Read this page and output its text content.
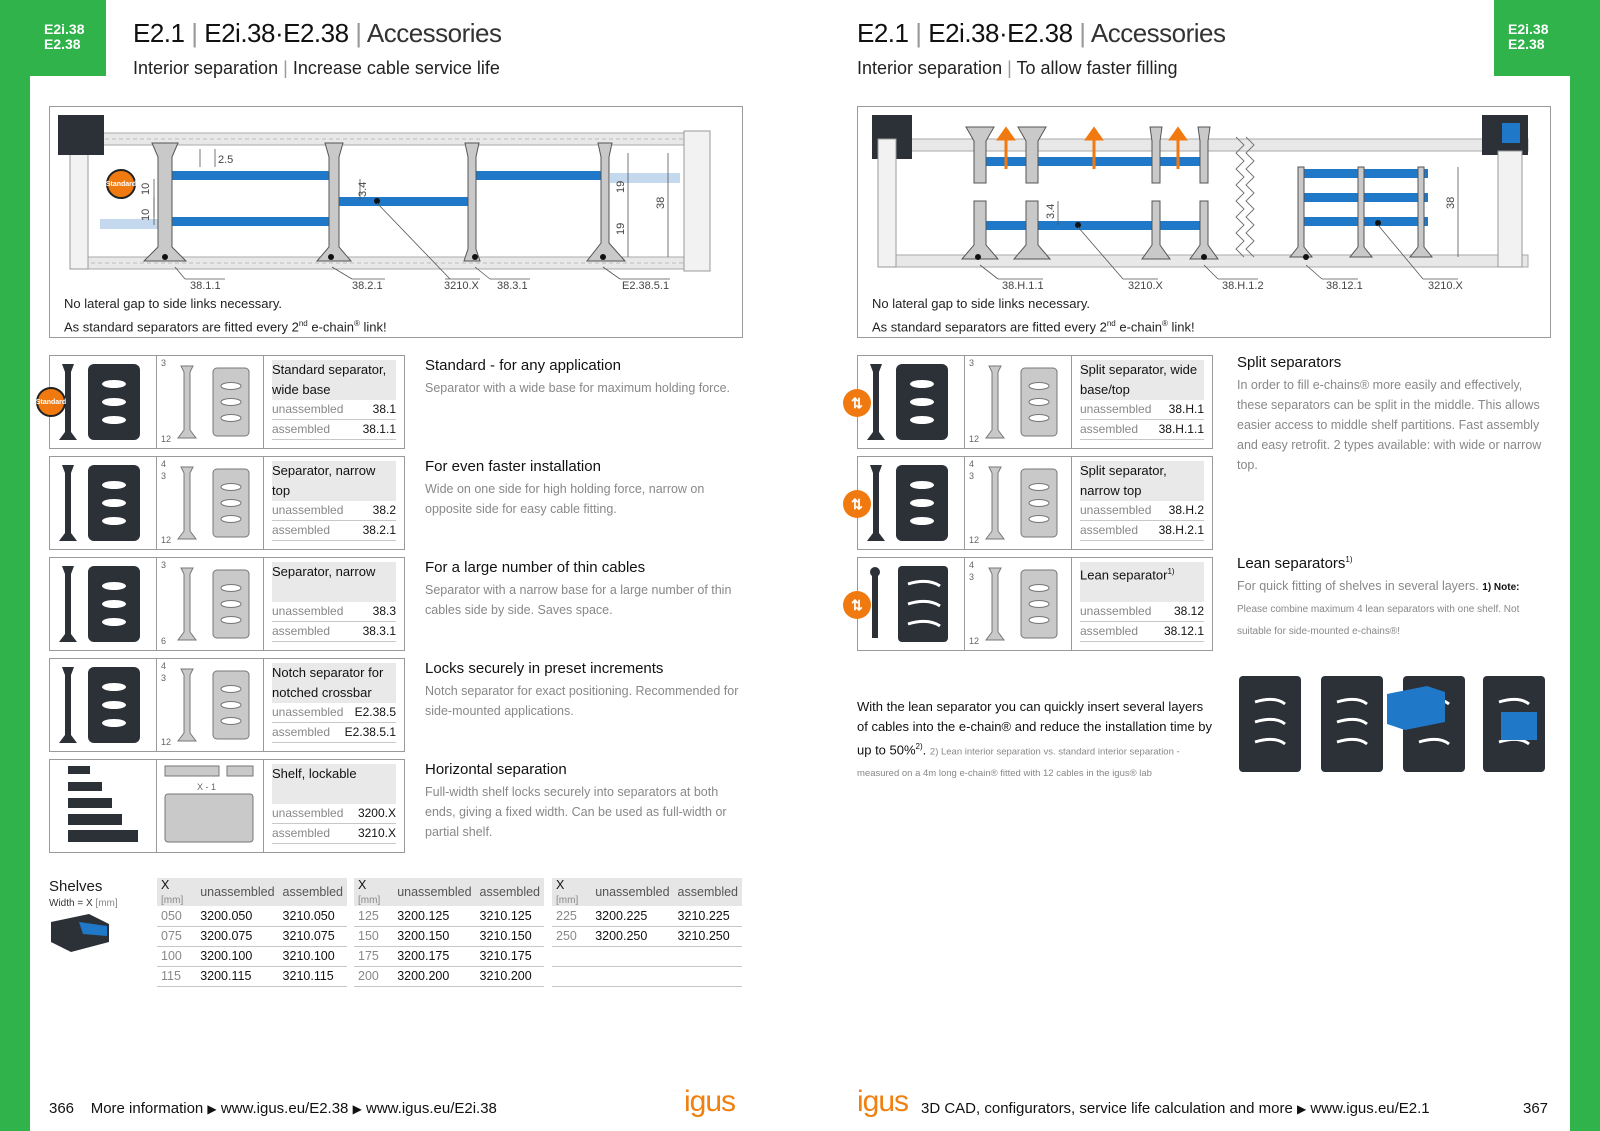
E2i.38
E2.38
E2i.38
E2.38
E2.1 | E2i.38·E2.38 | Accessories
Interior separation | Increase cable service life
2.5
10
10
3.4	19
19
38
38.1.1	38.2.1	3210.X 38.3.1	E2.38.5.1
Standard
No lateral gap to side links necessary.
As standard separators are fitted every 2nd e-chain® link!
3
12
Standard separator, wide base
unassembled 38.1
assembled	38.1.1
Standard - for any application
Separator with a wide base for maximum holding force.
4
3
12
Separator, narrow top
unassembled 38.2
assembled	38.2.1
For even faster installation
Wide on one side for high holding force, narrow on opposite side for easy cable fitting.
3
6
Separator, narrow
unassembled 38.3
assembled	38.3.1
For a large number of thin cables
Separator with a narrow base for a large number of thin cables side by side. Saves space.
4
3
12
Notch separator for notched crossbar
unassembled E2.38.5
assembled E2.38.5.1
Locks securely in preset increments
Notch separator for exact positioning. Recommended for side-mounted applications.
X - 1
Shelf, lockable
unassembled 3200.X
assembled 3210.X
Horizontal separation
Full-width shelf locks securely into separators at both ends, giving a fixed width. Can be used as full-width or partial shelf.
Shelves
Width = X [mm]
X [mm]	unassembled	assembled
050	3200.050	3210.050
075	3200.075	3210.075
100	3200.100	3210.100
115	3200.115	3210.115
X [mm]	unassembled	assembled
125	3200.125	3210.125
150	3200.150	3210.150
175	3200.175	3210.175
200	3200.200	3210.200
X [mm]	unassembled	assembled
225	3200.225	3210.225
250	3200.250	3210.250

366 More information ▶ www.igus.eu/E2.38 ▶ www.igus.eu/E2i.38	igus
E2.1 | E2i.38·E2.38 | Accessories
Interior separation | To allow faster filling
3.4
38
38.H.1.1	3210.X	38.H.1.2	38.12.1	3210.X
No lateral gap to side links necessary.
As standard separators are fitted every 2nd e-chain® link!
3
12
Split separator, wide base/top
unassembled 38.H.1
assembled 38.H.1.1
4
3
12
Split separator, narrow top
unassembled 38.H.2
assembled 38.H.2.1
4
3
12
Lean separator$^{1)}$
unassembled 38.12
assembled 38.12.1
Split separators
In order to fill e-chains® more easily and effectively, these separators can be split in the middle. This allows easier access to middle shelf partitions. Fast assembly and easy retrofit. 2 types available: with wide or narrow top.
Lean separators$^{1)}$
For quick fitting of shelves in several layers. 1) Note: Please combine maximum 4 lean separators with one shelf. Not suitable for side-mounted e-chains®!
With the lean separator you can quickly insert several layers of cables into the e-chain® and reduce the installation time by up to 50%$^{2)}$. 2) Lean interior separation vs. standard interior separation - measured on a 4m long e-chain® fitted with 12 cables in the igus® lab
igus 3D CAD, configurators, service life calculation and more ▶ www.igus.eu/E2.1	367
Standard	⇅
⇅
⇅
